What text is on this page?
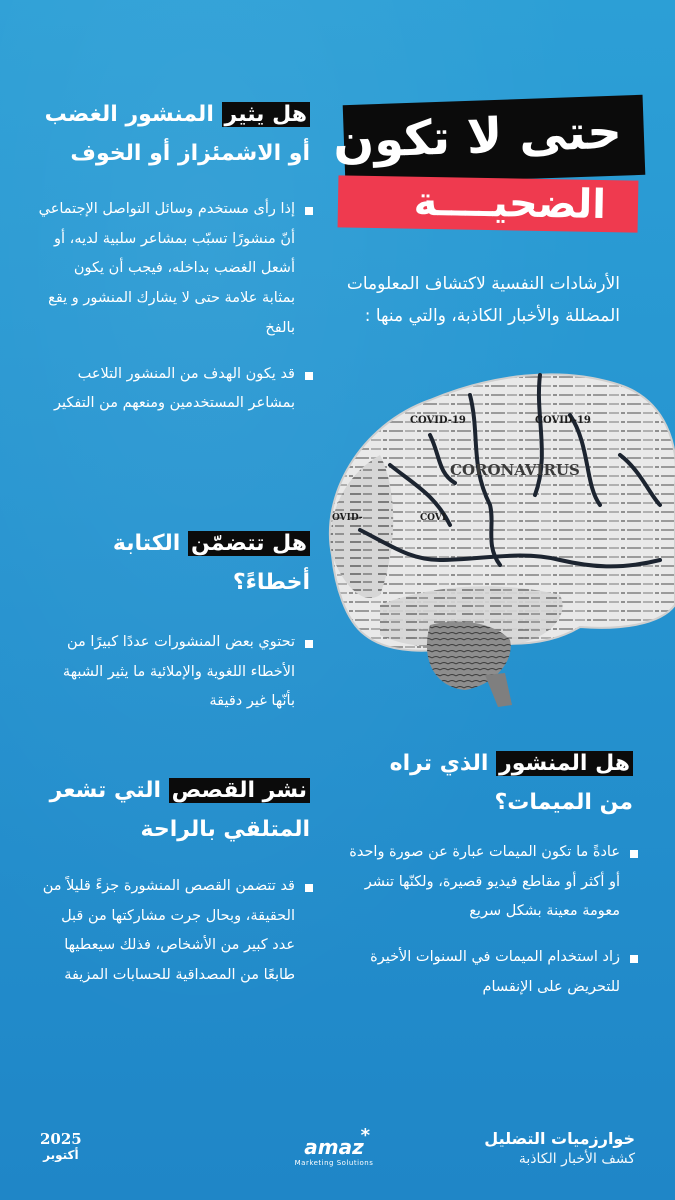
حتى لا تكون
الضحيــــة
الأرشادات النفسية لاكتشاف المعلومات المضللة والأخبار الكاذبة، والتي منها :
COVID-19	COVID-19
CORONAVIRUS
OVID-	COVI
هل يثير المنشور الغضب
أو الاشمئزاز أو الخوف
إذا رأى مستخدم وسائل التواصل الإجتماعي أنّ منشورًا تسبّب بمشاعر سلبية لديه، أو أشعل الغضب بداخله، فيجب أن يكون بمثابة علامة حتى لا يشارك المنشور و يقع بالفخ
قد يكون الهدف من المنشور التلاعب بمشاعر المستخدمين ومنعهم من التفكير
هل تتضمّن الكتابة
أخطاءً؟
تحتوي بعض المنشورات عددًا كبيرًا من الأخطاء اللغوية والإملائية ما يثير الشبهة بأنّها غير دقيقة
هل المنشور الذي تراه
من الميمات؟
عادةً ما تكون الميمات عبارة عن صورة واحدة أو أكثر أو مقاطع فيديو قصيرة، ولكنّها تنشر معومة معينة بشكل سريع
زاد استخدام الميمات في السنوات الأخيرة للتحريض على الإنقسام
نشر القصص التي تشعر
المتلقي بالراحة
قد تتضمن القصص المنشورة جزءً قليلاً من الحقيقة، وبحال جرت مشاركتها من قبل عدد كبير من الأشخاص، فذلك سيعطيها طابعًا من المصداقية للحسابات المزيفة
خوارزميات التضليل
كشف الأخبار الكاذبة
amaz
*
Marketing Solutions
2025
أكتوبر
